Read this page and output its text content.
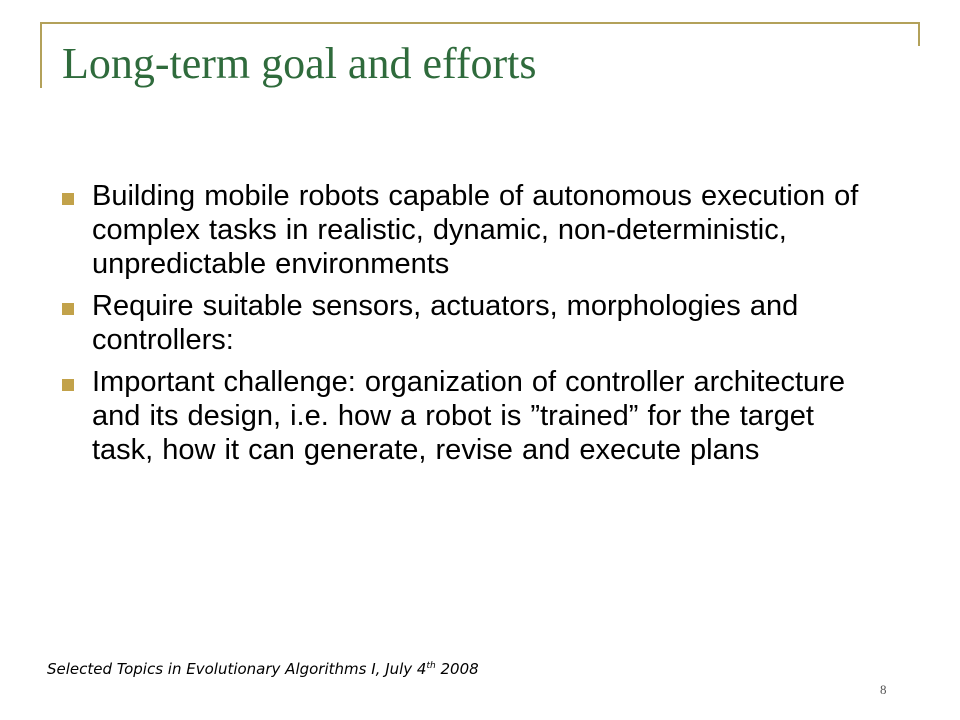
Long-term goal and efforts
Building mobile robots capable of autonomous execution of complex tasks in realistic, dynamic, non-deterministic, unpredictable environments
Require suitable sensors, actuators, morphologies and controllers:
Important challenge: organization of controller architecture and its design, i.e. how a robot is ”trained” for the target task, how it can generate, revise and execute plans
Selected Topics in Evolutionary Algorithms I, July 4th 2008
8
